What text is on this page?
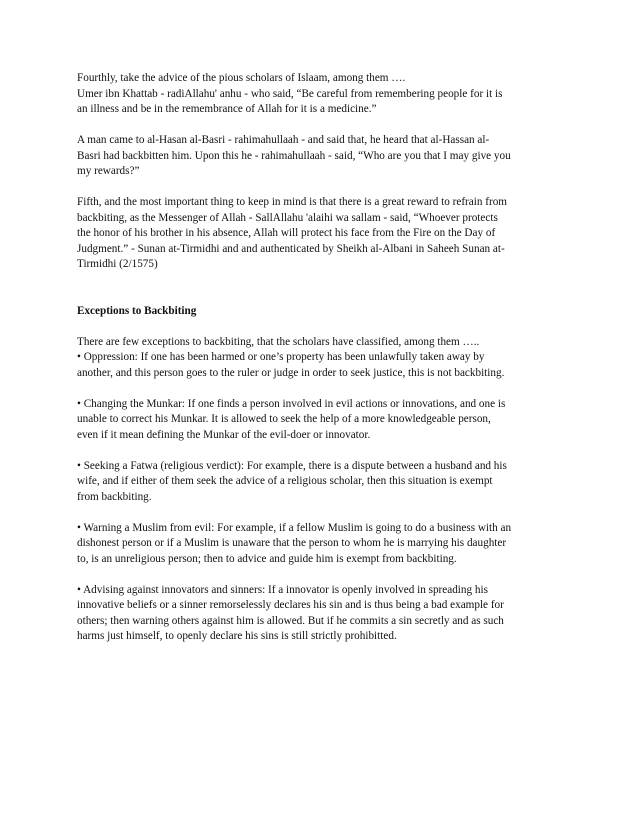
Fourthly, take the advice of the pious scholars of Islaam, among them ….
Umer ibn Khattab - radiAllahu' anhu - who said, “Be careful from remembering people for it is
an illness and be in the remembrance of Allah for it is a medicine.”

A man came to al-Hasan al-Basri - rahimahullaah - and said that, he heard that al-Hassan al-
Basri had backbitten him. Upon this he - rahimahullaah - said, “Who are you that I may give you
my rewards?”

Fifth, and the most important thing to keep in mind is that there is a great reward to refrain from
backbiting, as the Messenger of Allah - SallAllahu 'alaihi wa sallam - said, “Whoever protects
the honor of his brother in his absence, Allah will protect his face from the Fire on the Day of
Judgment.” - Sunan at-Tirmidhi and and authenticated by Sheikh al-Albani in Saheeh Sunan at-
Tirmidhi (2/1575)

Exceptions to Backbiting

There are few exceptions to backbiting, that the scholars have classified, among them …..
• Oppression: If one has been harmed or one’s property has been unlawfully taken away by
another, and this person goes to the ruler or judge in order to seek justice, this is not backbiting.

• Changing the Munkar: If one finds a person involved in evil actions or innovations, and one is
unable to correct his Munkar. It is allowed to seek the help of a more knowledgeable person,
even if it mean defining the Munkar of the evil-doer or innovator.

• Seeking a Fatwa (religious verdict): For example, there is a dispute between a husband and his
wife, and if either of them seek the advice of a religious scholar, then this situation is exempt
from backbiting.

• Warning a Muslim from evil: For example, if a fellow Muslim is going to do a business with an
dishonest person or if a Muslim is unaware that the person to whom he is marrying his daughter
to, is an unreligious person; then to advice and guide him is exempt from backbiting.

• Advising against innovators and sinners: If a innovator is openly involved in spreading his
innovative beliefs or a sinner remorselessly declares his sin and is thus being a bad example for
others; then warning others against him is allowed. But if he commits a sin secretly and as such
harms just himself, to openly declare his sins is still strictly prohibitted.
